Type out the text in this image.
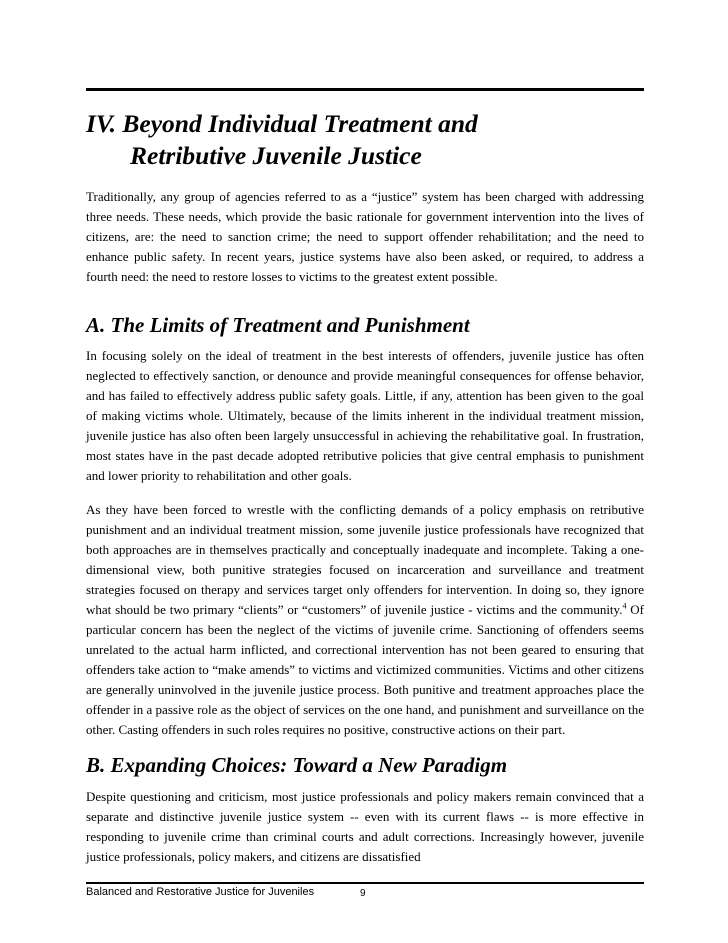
IV. Beyond Individual Treatment and
Retributive Juvenile Justice

Traditionally, any group of agencies referred to as a “justice” system has been charged with addressing three needs. These needs, which provide the basic rationale for government intervention into the lives of citizens, are: the need to sanction crime; the need to support offender rehabilitation; and the need to enhance public safety. In recent years, justice systems have also been asked, or required, to address a fourth need: the need to restore losses to victims to the greatest extent possible.

A. The Limits of Treatment and Punishment

In focusing solely on the ideal of treatment in the best interests of offenders, juvenile justice has often neglected to effectively sanction, or denounce and provide meaningful consequences for offense behavior, and has failed to effectively address public safety goals. Little, if any, attention has been given to the goal of making victims whole. Ultimately, because of the limits inherent in the individual treatment mission, juvenile justice has also often been largely unsuccessful in achieving the rehabilitative goal. In frustration, most states have in the past decade adopted retributive policies that give central emphasis to punishment and lower priority to rehabilitation and other goals.

As they have been forced to wrestle with the conflicting demands of a policy emphasis on retributive punishment and an individual treatment mission, some juvenile justice professionals have recognized that both approaches are in themselves practically and conceptually inadequate and incomplete. Taking a one-dimensional view, both punitive strategies focused on incarceration and surveillance and treatment strategies focused on therapy and services target only offenders for intervention. In doing so, they ignore what should be two primary “clients” or “customers” of juvenile justice - victims and the community.$^4$ Of particular concern has been the neglect of the victims of juvenile crime. Sanctioning of offenders seems unrelated to the actual harm inflicted, and correctional intervention has not been geared to ensuring that offenders take action to “make amends” to victims and victimized communities. Victims and other citizens are generally uninvolved in the juvenile justice process. Both punitive and treatment approaches place the offender in a passive role as the object of services on the one hand, and punishment and surveillance on the other. Casting offenders in such roles requires no positive, constructive actions on their part.

B. Expanding Choices: Toward a New Paradigm

Despite questioning and criticism, most justice professionals and policy makers remain convinced that a separate and distinctive juvenile justice system -- even with its current flaws -- is more effective in responding to juvenile crime than criminal courts and adult corrections. Increasingly however, juvenile justice professionals, policy makers, and citizens are dissatisfied

Balanced and Restorative Justice for Juveniles	9
